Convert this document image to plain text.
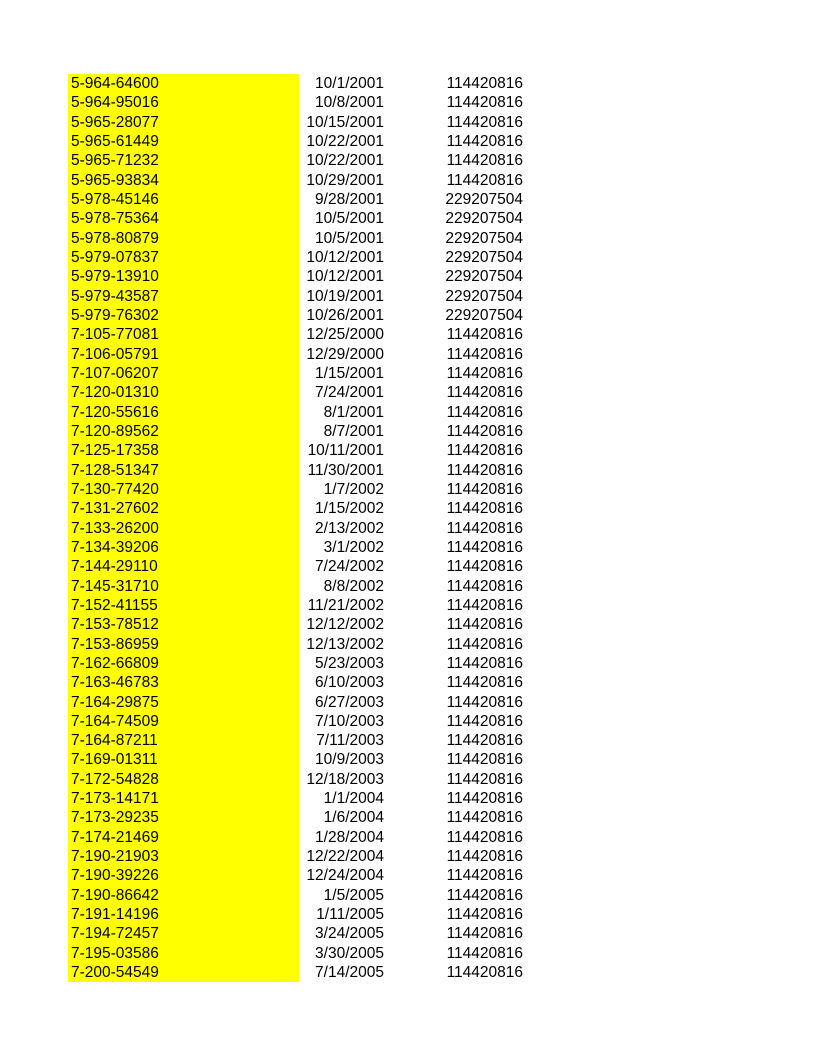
5-964-64600	10/1/2001	114420816
5-964-95016	10/8/2001	114420816
5-965-28077	10/15/2001	114420816
5-965-61449	10/22/2001	114420816
5-965-71232	10/22/2001	114420816
5-965-93834	10/29/2001	114420816
5-978-45146	9/28/2001	229207504
5-978-75364	10/5/2001	229207504
5-978-80879	10/5/2001	229207504
5-979-07837	10/12/2001	229207504
5-979-13910	10/12/2001	229207504
5-979-43587	10/19/2001	229207504
5-979-76302	10/26/2001	229207504
7-105-77081	12/25/2000	114420816
7-106-05791	12/29/2000	114420816
7-107-06207	1/15/2001	114420816
7-120-01310	7/24/2001	114420816
7-120-55616	8/1/2001	114420816
7-120-89562	8/7/2001	114420816
7-125-17358	10/11/2001	114420816
7-128-51347	11/30/2001	114420816
7-130-77420	1/7/2002	114420816
7-131-27602	1/15/2002	114420816
7-133-26200	2/13/2002	114420816
7-134-39206	3/1/2002	114420816
7-144-29110	7/24/2002	114420816
7-145-31710	8/8/2002	114420816
7-152-41155	11/21/2002	114420816
7-153-78512	12/12/2002	114420816
7-153-86959	12/13/2002	114420816
7-162-66809	5/23/2003	114420816
7-163-46783	6/10/2003	114420816
7-164-29875	6/27/2003	114420816
7-164-74509	7/10/2003	114420816
7-164-87211	7/11/2003	114420816
7-169-01311	10/9/2003	114420816
7-172-54828	12/18/2003	114420816
7-173-14171	1/1/2004	114420816
7-173-29235	1/6/2004	114420816
7-174-21469	1/28/2004	114420816
7-190-21903	12/22/2004	114420816
7-190-39226	12/24/2004	114420816
7-190-86642	1/5/2005	114420816
7-191-14196	1/11/2005	114420816
7-194-72457	3/24/2005	114420816
7-195-03586	3/30/2005	114420816
7-200-54549	7/14/2005	114420816
